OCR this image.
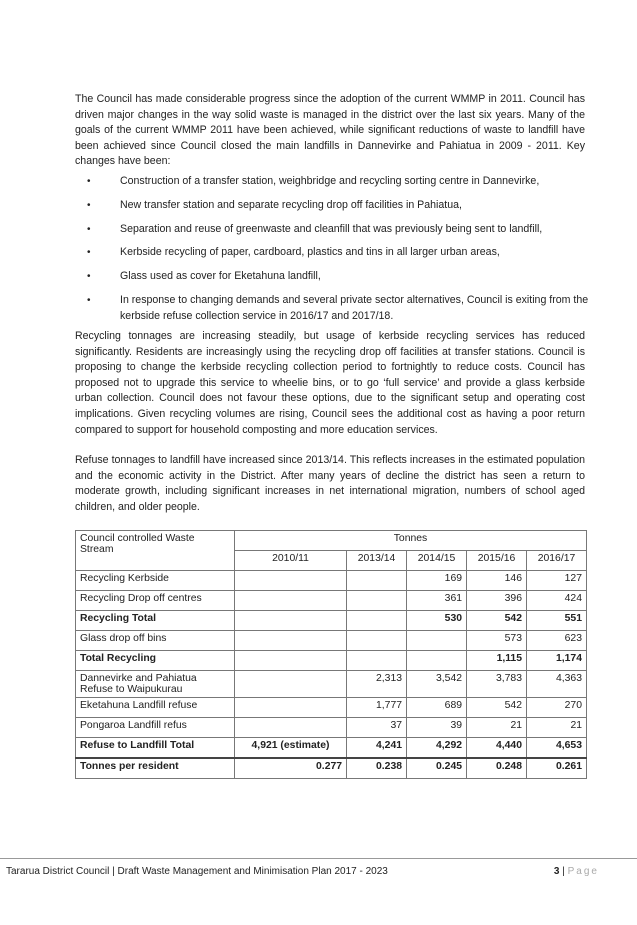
The Council has made considerable progress since the adoption of the current WMMP in 2011. Council has driven major changes in the way solid waste is managed in the district over the last six years. Many of the goals of the current WMMP 2011 have been achieved, while significant reductions of waste to landfill have been achieved since Council closed the main landfills in Dannevirke and Pahiatua in 2009 - 2011. Key changes have been:

•	Construction of a transfer station, weighbridge and recycling sorting centre in Dannevirke,
•	New transfer station and separate recycling drop off facilities in Pahiatua,
•	Separation and reuse of greenwaste and cleanfill that was previously being sent to landfill,
•	Kerbside recycling of paper, cardboard, plastics and tins in all larger urban areas,
•	Glass used as cover for Eketahuna landfill,
•	In response to changing demands and several private sector alternatives, Council is exiting from the kerbside refuse collection service in 2016/17 and 2017/18.

Recycling tonnages are increasing steadily, but usage of kerbside recycling services has reduced significantly. Residents are increasingly using the recycling drop off facilities at transfer stations. Council is proposing to change the kerbside recycling collection period to fortnightly to reduce costs. Council has proposed not to upgrade this service to wheelie bins, or to go ‘full service’ and provide a glass kerbside urban collection. Council does not favour these options, due to the significant setup and operating cost implications. Given recycling volumes are rising, Council sees the additional cost as having a poor return compared to support for household composting and more education services.

Refuse tonnages to landfill have increased since 2013/14. This reflects increases in the estimated population and the economic activity in the District. After many years of decline the district has seen a return to moderate growth, including significant increases in net international migration, numbers of school aged children, and older people.

Council controlled Waste Stream	Tonnes				
	2010/11	2013/14	2014/15	2015/16	2016/17
Recycling Kerbside			169	146	127
Recycling Drop off centres			361	396	424
Recycling Total			530	542	551
Glass drop off bins				573	623
Total Recycling				1,115	1,174
Dannevirke and Pahiatua Refuse to Waipukurau		2,313	3,542	3,783	4,363
Eketahuna Landfill refuse		1,777	689	542	270
Pongaroa Landfill refus		37	39	21	21
Refuse to Landfill Total	4,921 (estimate)	4,241	4,292	4,440	4,653
Tonnes per resident	0.277	0.238	0.245	0.248	0.261
Tararua District Council | Draft Waste Management and Minimisation Plan 2017 - 2023	3 | Page
